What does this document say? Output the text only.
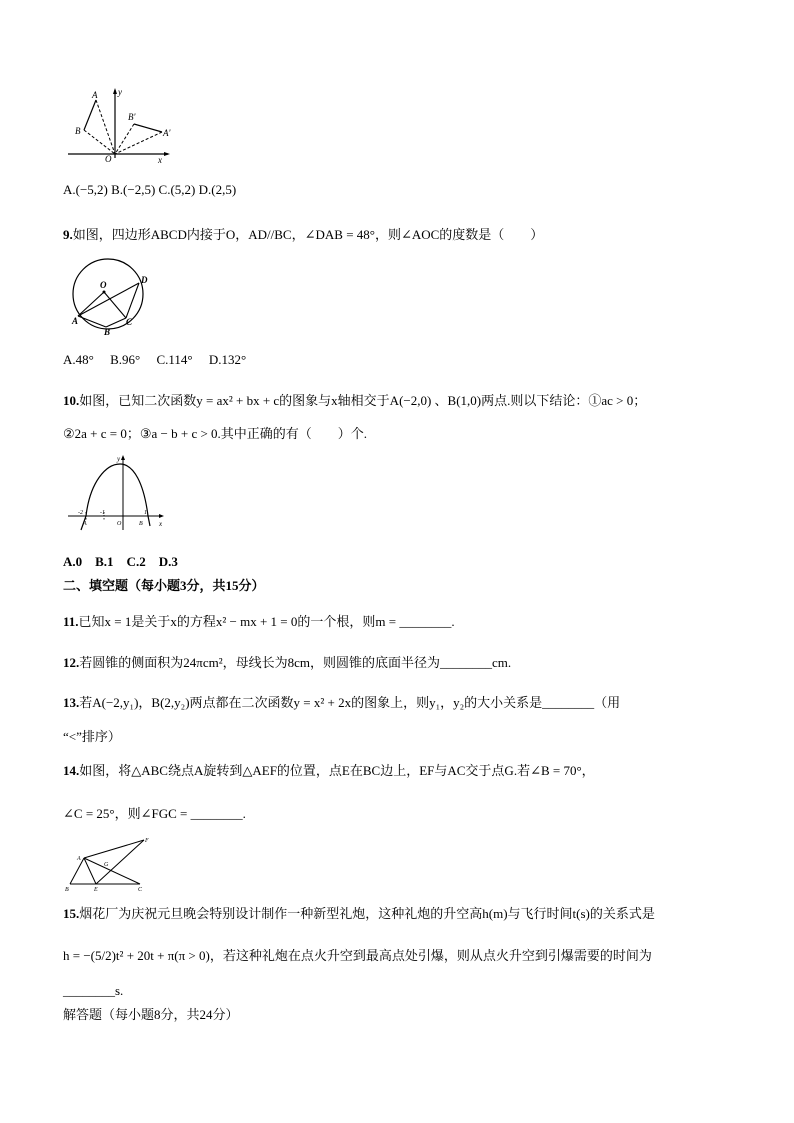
y
x
O
A
B
B'
A'
A.(−5,2) B.(−2,5) C.(5,2) D.(2,5)
9.如图，四边形ABCD内接于O，AD//BC，∠DAB = 48°，则∠AOC的度数是（　　）
O
A
B
C
D
A.48°　 B.96°　 C.114°　 D.132°
10.如图，已知二次函数y = ax² + bx + c的图象与x轴相交于A(−2,0) 、B(1,0)两点.则以下结论：①ac > 0；
②2a + c = 0；③a − b + c > 0.其中正确的有（　　）个.
y
x
-2	-1	1
A	O	B
A.0　B.1　C.2　D.3
二、填空题（每小题3分，共15分）
11.已知x = 1是关于x的方程x² − mx + 1 = 0的一个根，则m = ________.
12.若圆锥的侧面积为24πcm²，母线长为8cm，则圆锥的底面半径为________cm.
13.若A(−2,y₁)，B(2,y₂)两点都在二次函数y = x² + 2x的图象上，则y₁，y₂的大小关系是________（用
“<”排序）
14.如图，将△ABC绕点A旋转到△AEF的位置，点E在BC边上，EF与AC交于点G.若∠B = 70°，
∠C = 25°，则∠FGC = ________.
A
B	E	C
F
G
15.烟花厂为庆祝元旦晚会特别设计制作一种新型礼炮，这种礼炮的升空高h(m)与飞行时间t(s)的关系式是
h = −(5/2)t² + 20t + π(π > 0)，若这种礼炮在点火升空到最高点处引爆，则从点火升空到引爆需要的时间为
________s.
解答题（每小题8分，共24分）
